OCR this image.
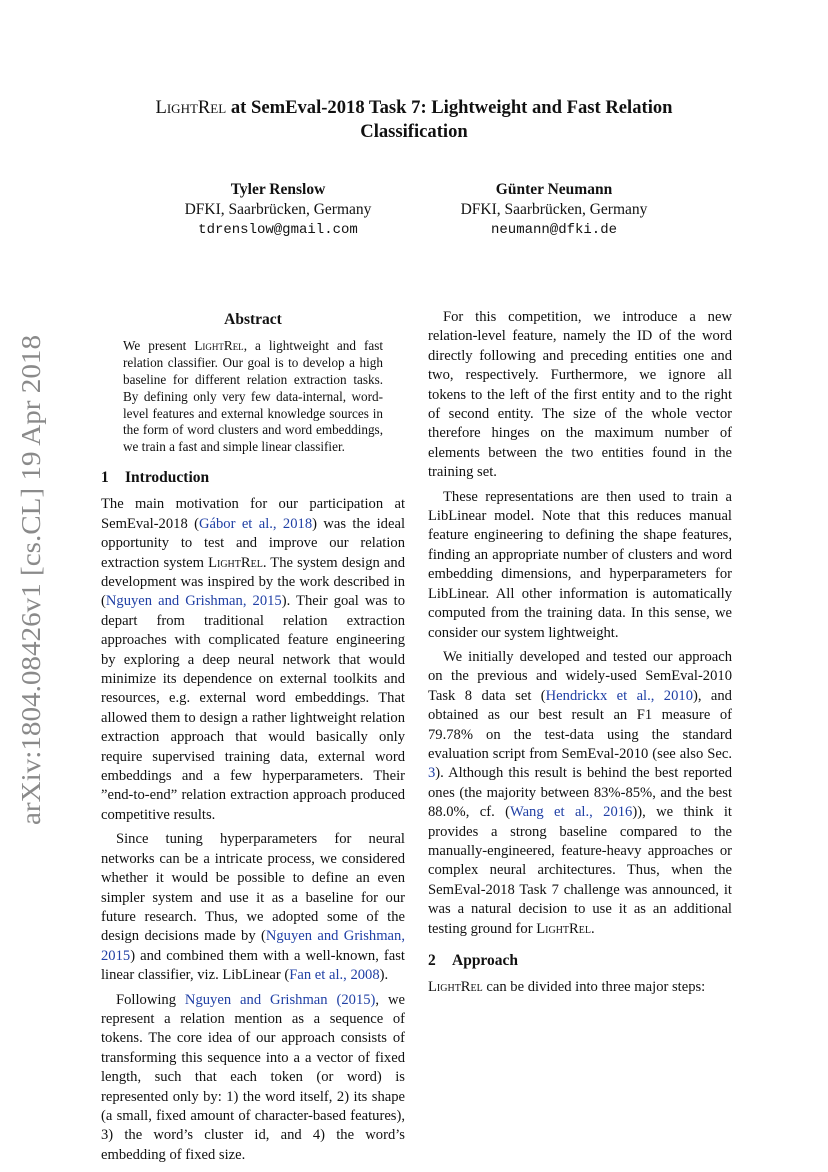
arXiv:1804.08426v1 [cs.CL] 19 Apr 2018
LightRel at SemEval-2018 Task 7: Lightweight and Fast Relation
Classification
Tyler Renslow
DFKI, Saarbrücken, Germany
tdrenslow@gmail.com
Günter Neumann
DFKI, Saarbrücken, Germany
neumann@dfki.de
Abstract
We present LightRel, a lightweight and fast relation classifier. Our goal is to develop a high baseline for different relation extraction tasks. By defining only very few data-internal, word-level features and external knowledge sources in the form of word clusters and word embeddings, we train a fast and simple linear classifier.
1 Introduction

The main motivation for our participation at SemEval-2018 (Gábor et al., 2018) was the ideal opportunity to test and improve our relation extraction system LightRel. The system design and development was inspired by the work described in (Nguyen and Grishman, 2015). Their goal was to depart from traditional relation extraction approaches with complicated feature engineering by exploring a deep neural network that would minimize its dependence on external toolkits and resources, e.g. external word embeddings. That allowed them to design a rather lightweight relation extraction approach that would basically only require supervised training data, external word embeddings and a few hyperparameters. Their ”end-to-end” relation extraction approach produced competitive results.

Since tuning hyperparameters for neural networks can be a intricate process, we considered whether it would be possible to define an even simpler system and use it as a baseline for our future research. Thus, we adopted some of the design decisions made by (Nguyen and Grishman, 2015) and combined them with a well-known, fast linear classifier, viz. LibLinear (Fan et al., 2008).

Following Nguyen and Grishman (2015), we represent a relation mention as a sequence of tokens. The core idea of our approach consists of transforming this sequence into a a vector of fixed length, such that each token (or word) is represented only by: 1) the word itself, 2) its shape (a small, fixed amount of character-based features), 3) the word’s cluster id, and 4) the word’s embedding of fixed size.

For this competition, we introduce a new relation-level feature, namely the ID of the word directly following and preceding entities one and two, respectively. Furthermore, we ignore all tokens to the left of the first entity and to the right of second entity. The size of the whole vector therefore hinges on the maximum number of elements between the two entities found in the training set.

These representations are then used to train a LibLinear model. Note that this reduces manual feature engineering to defining the shape features, finding an appropriate number of clusters and word embedding dimensions, and hyperparameters for LibLinear. All other information is automatically computed from the training data. In this sense, we consider our system lightweight.

We initially developed and tested our approach on the previous and widely-used SemEval-2010 Task 8 data set (Hendrickx et al., 2010), and obtained as our best result an F1 measure of 79.78% on the test-data using the standard evaluation script from SemEval-2010 (see also Sec. 3). Although this result is behind the best reported ones (the majority between 83%-85%, and the best 88.0%, cf. (Wang et al., 2016)), we think it provides a strong baseline compared to the manually-engineered, feature-heavy approaches or complex neural architectures. Thus, when the SemEval-2018 Task 7 challenge was announced, it was a natural decision to use it as an additional testing ground for LightRel.

2 Approach

LightRel can be divided into three major steps:
